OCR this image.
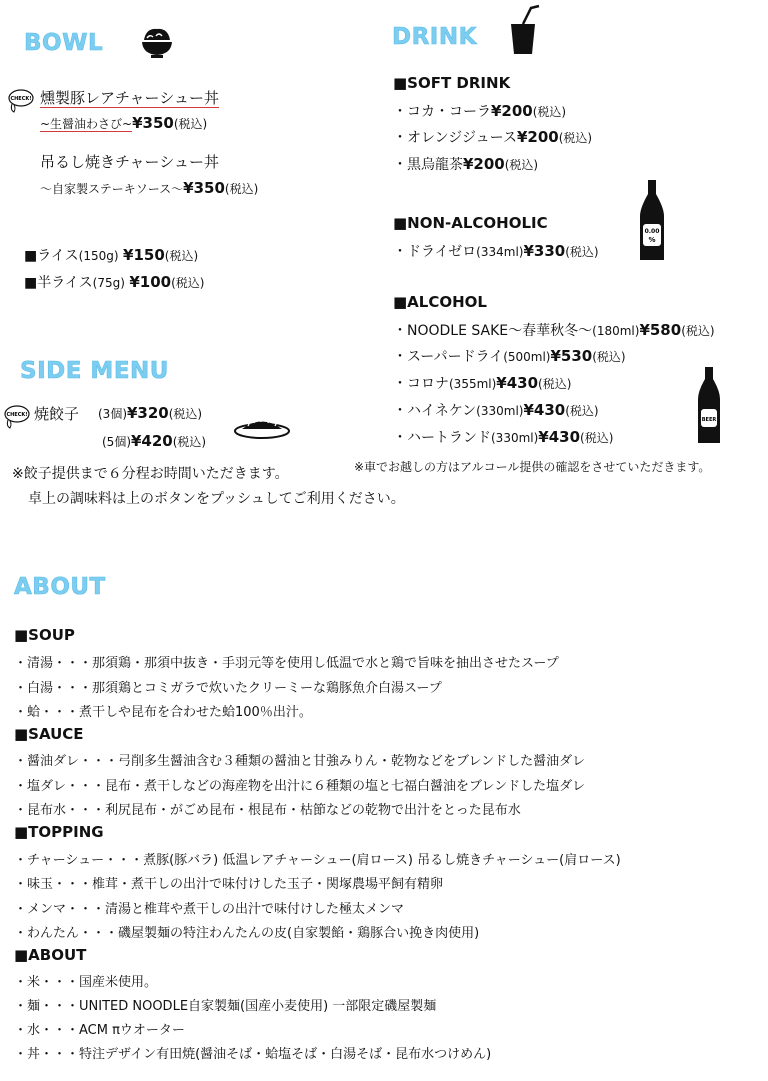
BOWL
CHECK! 燻製豚レアチャーシュー丼
~生醤油わさび~¥350(税込)
吊るし焼きチャーシュー丼
～自家製ステーキソース～¥350(税込)
■ライス(150g) ¥150(税込)
■半ライス(75g) ¥100(税込)
SIDE MENU
CHECK! 焼餃子 (3個)¥320(税込)
(5個)¥420(税込)
※餃子提供まで６分程お時間いただきます。
卓上の調味料は上のボタンをプッシュしてご利用ください。
DRINK
■SOFT DRINK
・コカ・コーラ¥200(税込)
・オレンジジュース¥200(税込)
・黒烏龍茶¥200(税込)
■NON-ALCOHOLIC
・ドライゼロ(334ml)¥330(税込)
0.00
%
■ALCOHOL
・NOODLE SAKE～春華秋冬～(180ml)¥580(税込)
・スーパードライ(500ml)¥530(税込)
・コロナ(355ml)¥430(税込)
・ハイネケン(330ml)¥430(税込)
・ハートランド(330ml)¥430(税込)
BEER
※車でお越しの方はアルコール提供の確認をさせていただきます。
ABOUT
■SOUP
・清湯・・・那須鶏・那須中抜き・手羽元等を使用し低温で水と鶏で旨味を抽出させたスープ
・白湯・・・那須鶏とコミガラで炊いたクリーミーな鶏豚魚介白湯スープ
・蛤・・・煮干しや昆布を合わせた蛤100％出汁。
■SAUCE
・醤油ダレ・・・弓削多生醤油含む３種類の醤油と甘強みりん・乾物などをブレンドした醤油ダレ
・塩ダレ・・・昆布・煮干しなどの海産物を出汁に６種類の塩と七福白醤油をブレンドした塩ダレ
・昆布水・・・利尻昆布・がごめ昆布・根昆布・枯節などの乾物で出汁をとった昆布水
■TOPPING
・チャーシュー・・・煮豚(豚バラ) 低温レアチャーシュー(肩ロース) 吊るし焼きチャーシュー(肩ロース)
・味玉・・・椎茸・煮干しの出汁で味付けした玉子・関塚農場平飼有精卵
・メンマ・・・清湯と椎茸や煮干しの出汁で味付けした極太メンマ
・わんたん・・・磯屋製麺の特注わんたんの皮(自家製餡・鶏豚合い挽き肉使用)
■ABOUT
・米・・・国産米使用。
・麺・・・UNITED NOODLE自家製麺(国産小麦使用) 一部限定磯屋製麺
・水・・・ACM πウオーター
・丼・・・特注デザイン有田焼(醤油そば・蛤塩そば・白湯そば・昆布水つけめん)
